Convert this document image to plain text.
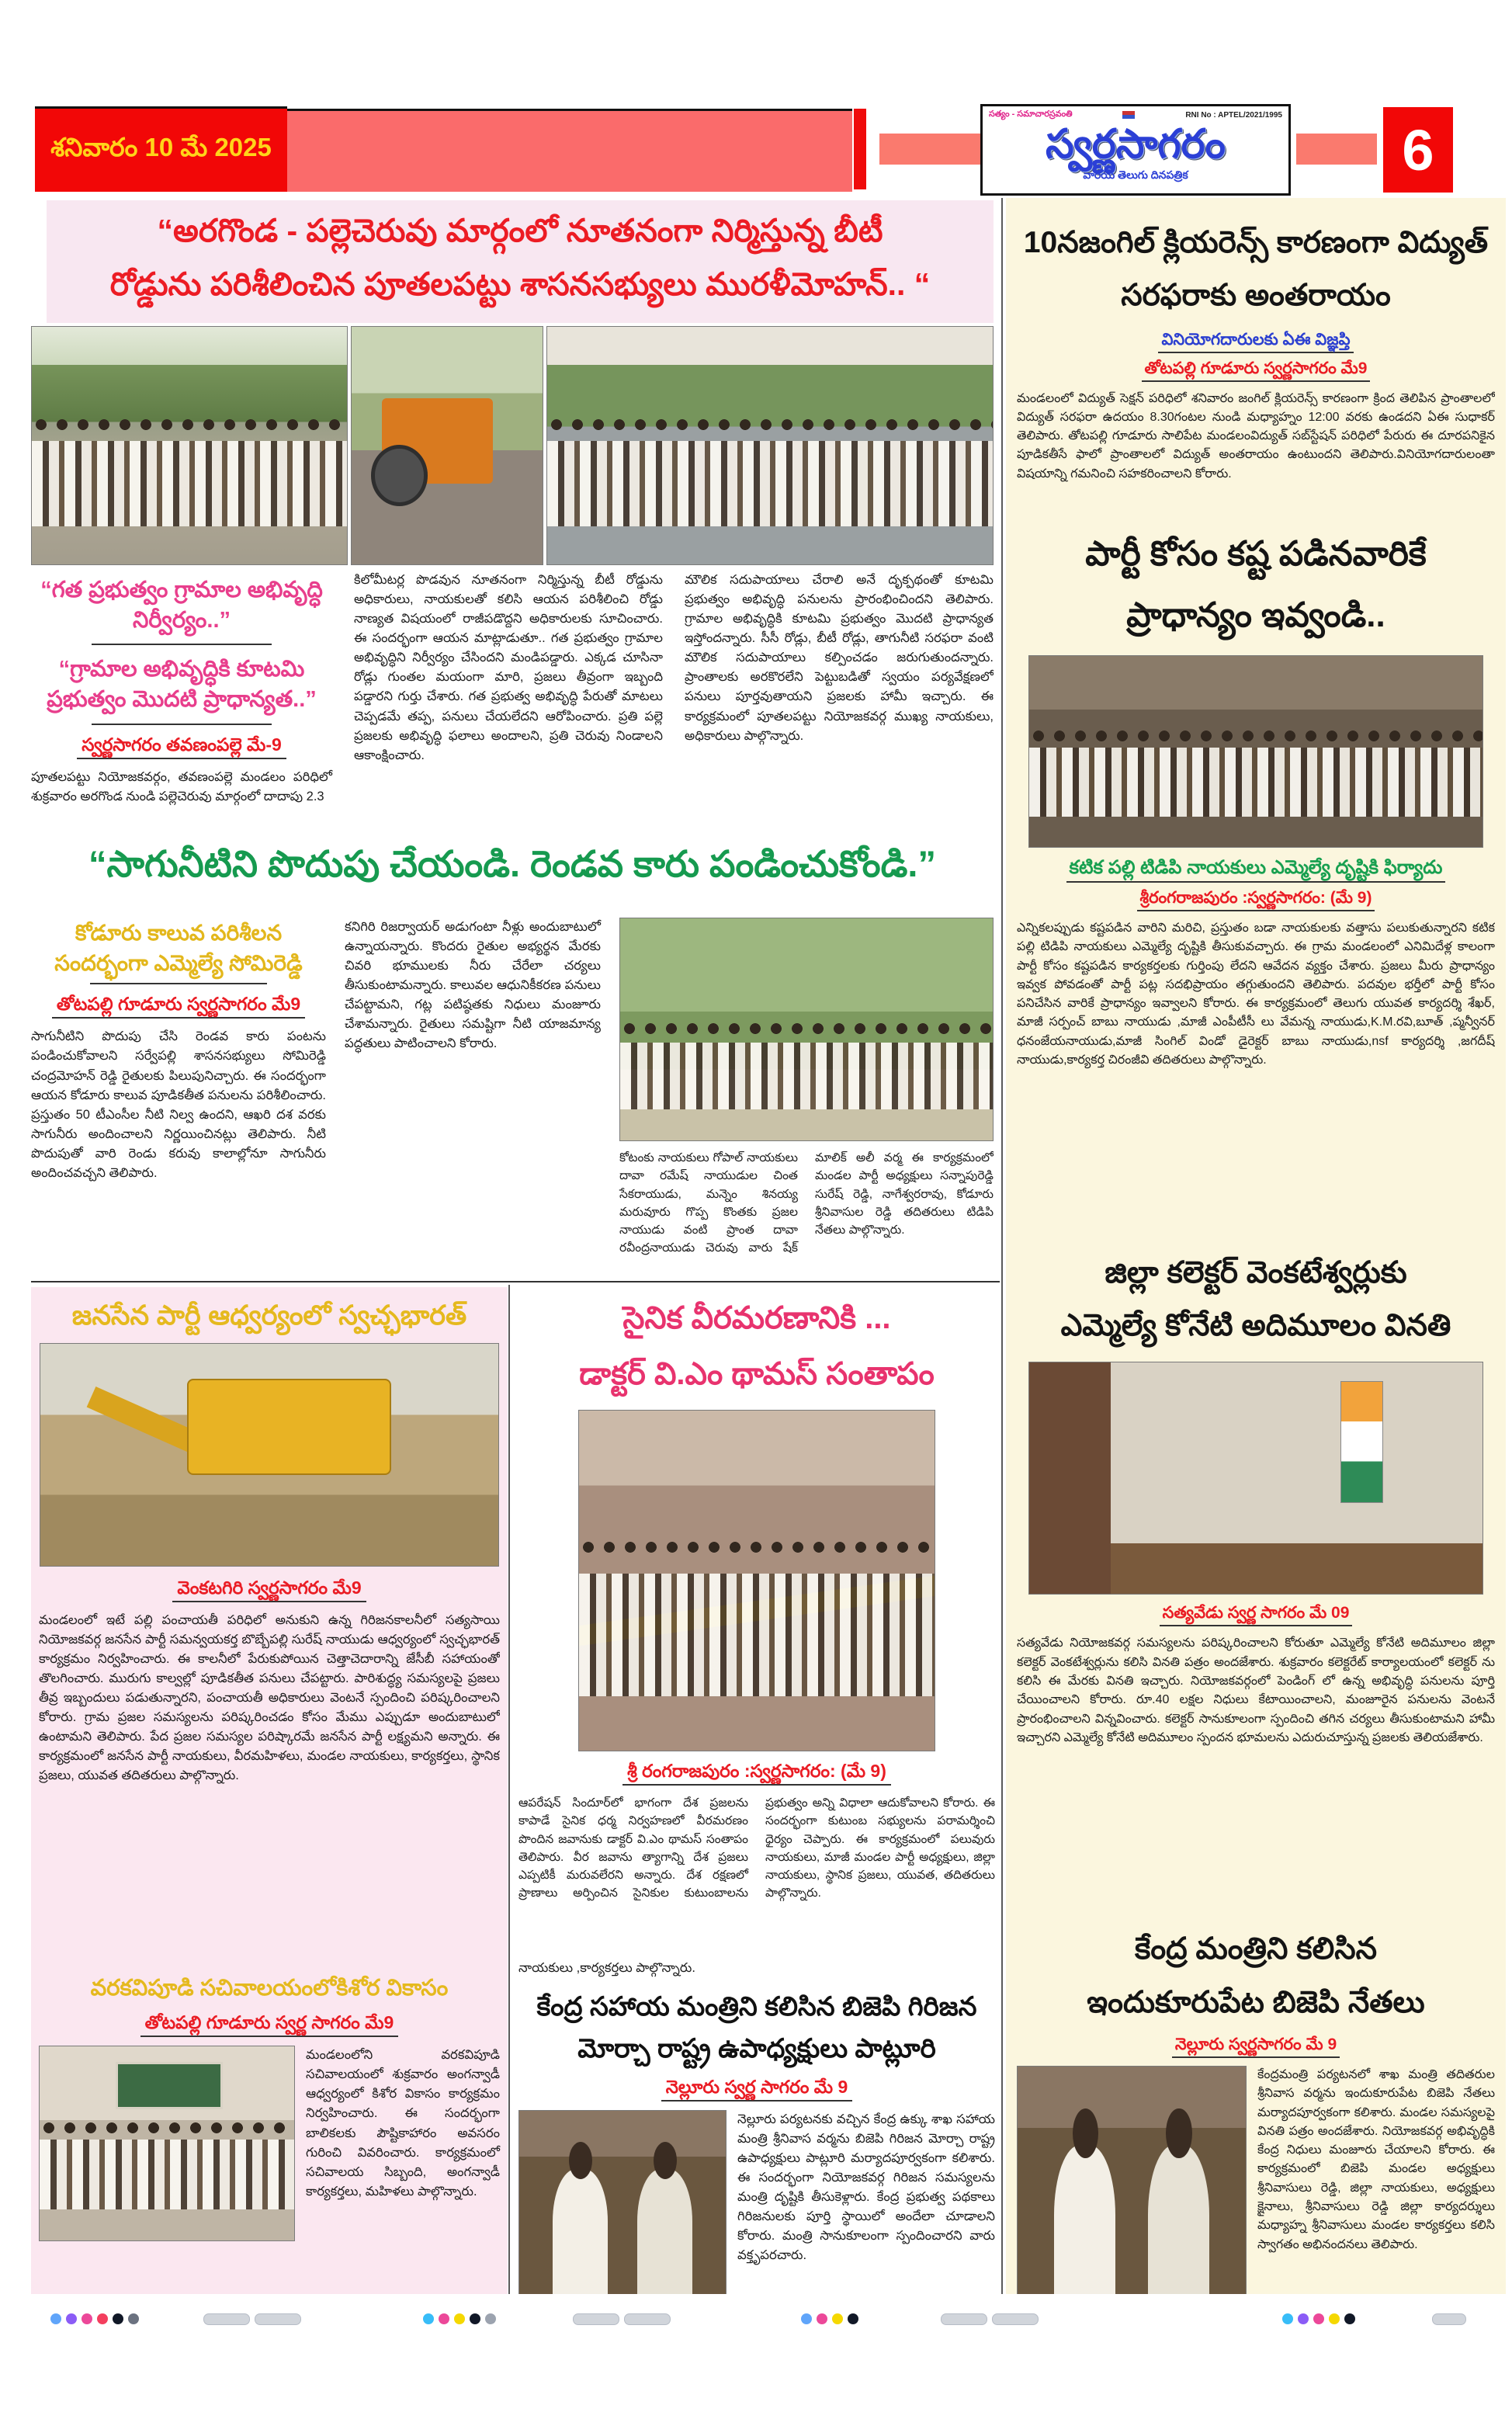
శనివారం 10 మే 2025
సత్యం - సమాచారస్రవంతి	RNI No : APTEL/2021/1995
స్వర్ణసాగరం
వారియే తెలుగు దినపత్రిక	6
“అరగొండ - పల్లెచెరువు మార్గంలో నూతనంగా నిర్మిస్తున్న బీటీ
రోడ్డును పరిశీలించిన పూతలపట్టు శాసనసభ్యులు మురళీమోహన్.. “
“గత ప్రభుత్వం గ్రామాల అభివృద్ధి నిర్వీర్యం..”
“గ్రామాల అభివృద్ధికి కూటమి ప్రభుత్వం మొదటి ప్రాధాన్యత..”
స్వర్ణసాగరం తవణంపల్లె మే-9
పూతలపట్టు నియోజకవర్గం, తవణంపల్లె మండలం పరిధిలో శుక్రవారం అరగొండ నుండి పల్లెచెరువు మార్గంలో దాదాపు 2.3
కిలోమీటర్ల పొడవున నూతనంగా నిర్మిస్తున్న బీటీ రోడ్డును అధికారులు, నాయకులతో కలిసి ఆయన పరిశీలించి రోడ్డు నాణ్యత విషయంలో రాజీపడొద్దని అధికారులకు సూచించారు. ఈ సందర్భంగా ఆయన మాట్లాడుతూ.. గత ప్రభుత్వం గ్రామాల అభివృద్ధిని నిర్వీర్యం చేసిందని మండిపడ్డారు. ఎక్కడ చూసినా రోడ్లు గుంతల మయంగా మారి, ప్రజలు తీవ్రంగా ఇబ్బంది పడ్డారని గుర్తు చేశారు. గత ప్రభుత్వ అభివృద్ధి పేరుతో మాటలు చెప్పడమే తప్ప, పనులు చేయలేదని ఆరోపించారు. ప్రతి పల్లె ప్రజలకు అభివృద్ధి ఫలాలు అందాలని, ప్రతి చెరువు నిండాలని ఆకాంక్షించారు.
మౌలిక సదుపాయాలు చేరాలి అనే దృక్పథంతో కూటమి ప్రభుత్వం అభివృద్ధి పనులను ప్రారంభించిందని తెలిపారు. గ్రామాల అభివృద్ధికి కూటమి ప్రభుత్వం మొదటి ప్రాధాన్యత ఇస్తోందన్నారు. సీసీ రోడ్లు, బీటీ రోడ్లు, తాగునీటి సరఫరా వంటి మౌలిక సదుపాయాలు కల్పించడం జరుగుతుందన్నారు. ప్రాంతాలకు అరకొరలేని పెట్టుబడితో స్వయం పర్యవేక్షణలో పనులు పూర్తవుతాయని ప్రజలకు హామీ ఇచ్చారు. ఈ కార్యక్రమంలో పూతలపట్టు నియోజకవర్గ ముఖ్య నాయకులు, అధికారులు పాల్గొన్నారు.
“సాగునీటిని పొదుపు చేయండి. రెండవ కారు పండించుకోండి.”
కోడూరు కాలువ పరిశీలన సందర్భంగా ఎమ్మెల్యే సోమిరెడ్డి
తోటపల్లి గూడూరు స్వర్ణసాగరం మే9
సాగునీటిని పొదుపు చేసి రెండవ కారు పంటను పండించుకోవాలని సర్వేపల్లి శాసనసభ్యులు సోమిరెడ్డి చంద్రమోహన్ రెడ్డి రైతులకు పిలుపునిచ్చారు. ఈ సందర్భంగా ఆయన కోడూరు కాలువ పూడికతీత పనులను పరిశీలించారు. ప్రస్తుతం 50 టీఎంసీల నీటి నిల్వ ఉందని, ఆఖరి దశ వరకు సాగునీరు అందించాలని నిర్ణయించినట్లు తెలిపారు. నీటి పొదుపుతో వారి రెండు కరువు కాలాల్లోనూ సాగునీరు అందించవచ్చని తెలిపారు.
కనిగిరి రిజర్వాయర్ అడుగంటా నీళ్లు అందుబాటులో ఉన్నాయన్నారు. కొందరు రైతుల అభ్యర్థన మేరకు చివరి భూములకు నీరు చేరేలా చర్యలు తీసుకుంటామన్నారు. కాలువల ఆధునికీకరణ పనులు చేపట్టామని, గట్ల పటిష్ఠతకు నిధులు మంజూరు చేశామన్నారు. రైతులు సమష్టిగా నీటి యాజమాన్య పద్ధతులు పాటించాలని కోరారు.
కోటంకు నాయకులు గోపాల్ నాయకులు దావా రమేష్ నాయుడుల చింత సేకరాయుడు, మన్నెం శినయ్య మరువూరు గొప్ప కొంతకు ప్రజల నాయుడు వంటి ప్రాంత దావా రవీంద్రనాయుడు చెరువు వారు షేక్ మాలిక్ అలీ వర్మ ఈ కార్యక్రమంలో మండల పార్టీ అధ్యక్షులు సన్నాపురెడ్డి సురేష్ రెడ్డి, నాగేశ్వరరావు, కోడూరు శ్రీనివాసుల రెడ్డి తదితరులు టిడిపి నేతలు పాల్గొన్నారు.
జనసేన పార్టీ ఆధ్వర్యంలో స్వచ్ఛభారత్
వెంకటగిరి స్వర్ణసాగరం మే9
మండలంలో ఇటే పల్లి పంచాయతీ పరిధిలో అనుకుని ఉన్న గిరిజనకాలనీలో సత్యసాయి నియోజకవర్గ జనసేన పార్టీ సమన్వయకర్త బొబ్బేపల్లి సురేష్ నాయుడు ఆధ్వర్యంలో స్వచ్ఛభారత్ కార్యక్రమం నిర్వహించారు. ఈ కాలనీలో పేరుకుపోయిన చెత్తాచెదారాన్ని జేసీబీ సహాయంతో తొలగించారు. మురుగు కాల్వల్లో పూడికతీత పనులు చేపట్టారు. పారిశుద్ధ్య సమస్యలపై ప్రజలు తీవ్ర ఇబ్బందులు పడుతున్నారని, పంచాయతీ అధికారులు వెంటనే స్పందించి పరిష్కరించాలని కోరారు. గ్రామ ప్రజల సమస్యలను పరిష్కరించడం కోసం మేము ఎప్పుడూ అందుబాటులో ఉంటామని తెలిపారు. పేద ప్రజల సమస్యల పరిష్కారమే జనసేన పార్టీ లక్ష్యమని అన్నారు. ఈ కార్యక్రమంలో జనసేన పార్టీ నాయకులు, వీరమహిళలు, మండల నాయకులు, కార్యకర్తలు, స్థానిక ప్రజలు, యువత తదితరులు పాల్గొన్నారు.
వరకవిపూడి సచివాలయంలోకిశోర వికాసం
తోటపల్లి గూడూరు స్వర్ణ సాగరం మే9
మండలంలోని వరకవిపూడి సచివాలయంలో శుక్రవారం అంగన్వాడీ ఆధ్వర్యంలో కిశోర వికాసం కార్యక్రమం నిర్వహించారు. ఈ సందర్భంగా బాలికలకు పౌష్టికాహారం అవసరం గురించి వివరించారు. కార్యక్రమంలో సచివాలయ సిబ్బంది, అంగన్వాడీ కార్యకర్తలు, మహిళలు పాల్గొన్నారు.
సైనిక వీరమరణానికి ...
డాక్టర్ వి.ఎం థామస్ సంతాపం
శ్రీ రంగరాజపురం :స్వర్ణసాగరం: (మే 9)
ఆపరేషన్ సిందూర్‌లో భాగంగా దేశ ప్రజలను కాపాడే సైనిక ధర్మ నిర్వహణలో వీరమరణం పొందిన జవానుకు డాక్టర్ వి.ఎం థామస్ సంతాపం తెలిపారు. వీర జవాను త్యాగాన్ని దేశ ప్రజలు ఎప్పటికీ మరువలేరని అన్నారు. దేశ రక్షణలో ప్రాణాలు అర్పించిన సైనికుల కుటుంబాలను ప్రభుత్వం అన్ని విధాలా ఆదుకోవాలని కోరారు. ఈ సందర్భంగా కుటుంబ సభ్యులను పరామర్శించి ధైర్యం చెప్పారు. ఈ కార్యక్రమంలో పలువురు నాయకులు, మాజీ మండల పార్టీ అధ్యక్షులు, జిల్లా నాయకులు, స్థానిక ప్రజలు, యువత, తదితరులు పాల్గొన్నారు.
నాయకులు ,కార్యకర్తలు పాల్గొన్నారు.
కేంద్ర సహాయ మంత్రిని కలిసిన బిజెపి గిరిజన మోర్చా రాష్ట్ర ఉపాధ్యక్షులు పాట్లూరి
నెల్లూరు స్వర్ణ సాగరం మే 9
నెల్లూరు పర్యటనకు వచ్చిన కేంద్ర ఉక్కు శాఖ సహాయ మంత్రి శ్రీనివాస వర్మను బిజెపి గిరిజన మోర్చా రాష్ట్ర ఉపాధ్యక్షులు పాట్లూరి మర్యాదపూర్వకంగా కలిశారు. ఈ సందర్భంగా నియోజకవర్గ గిరిజన సమస్యలను మంత్రి దృష్టికి తీసుకెళ్లారు. కేంద్ర ప్రభుత్వ పథకాలు గిరిజనులకు పూర్తి స్థాయిలో అందేలా చూడాలని కోరారు. మంత్రి సానుకూలంగా స్పందించారని వారు వక్తృపరచారు.
10నజంగిల్ క్లియరెన్స్ కారణంగా విద్యుత్ సరఫరాకు అంతరాయం
వినియోగదారులకు ఏఈ విజ్ఞప్తి
తోటపల్లి గూడూరు స్వర్ణసాగరం మే9
మండలంలో విద్యుత్ సెక్షన్ పరిధిలో శనివారం జంగిల్ క్లియరెన్స్ కారణంగా క్రింద తెలిపిన ప్రాంతాలలో విద్యుత్ సరఫరా ఉదయం 8.30గంటల నుండి మధ్యాహ్నం 12:00 వరకు ఉండదని ఏఈ సుధాకర్ తెలిపారు. తోటపల్లి గూడూరు సాలిపేట మండలంవిద్యుత్ సబ్‌స్టేషన్ పరిధిలో పేరురు ఈ దూరపనికైన పూడికతీసే ఫాలో ప్రాంతాలలో విద్యుత్ అంతరాయం ఉంటుందని తెలిపారు.వినియోగదారులంతా విషయాన్ని గమనించి సహకరించాలని కోరారు.
పార్టీ కోసం కష్ట పడినవారికే
ప్రాధాన్యం ఇవ్వండి..
కటిక పల్లి టిడిపి నాయకులు ఎమ్మెల్యే దృష్టికి ఫిర్యాదు
శ్రీరంగరాజపురం :స్వర్ణసాగరం: (మే 9)
ఎన్నికలప్పుడు కష్టపడిన వారిని మరిచి, ప్రస్తుతం బడా నాయకులకు వత్తాసు పలుకుతున్నారని కటిక పల్లి టిడిపి నాయకులు ఎమ్మెల్యే దృష్టికి తీసుకువచ్చారు. ఈ గ్రామ మండలంలో ఎనిమిదేళ్ల కాలంగా పార్టీ కోసం కష్టపడిన కార్యకర్తలకు గుర్తింపు లేదని ఆవేదన వ్యక్తం చేశారు. ప్రజలు మీరు ప్రాధాన్యం ఇవ్వక పోవడంతో పార్టీ పట్ల సదభిప్రాయం తగ్గుతుందని తెలిపారు. పదవుల భర్తీలో పార్టీ కోసం పనిచేసిన వారికే ప్రాధాన్యం ఇవ్వాలని కోరారు. ఈ కార్యక్రమంలో తెలుగు యువత కార్యదర్శి శేఖర్, మాజీ సర్పంచ్ బాబు నాయుడు ,మాజీ ఎంపీటీసీ లు వేమన్న నాయుడు,K.M.రవి,బూత్ ,ప్మన్వీనర్ ధనంజేయనాయుడు,మాజీ సింగిల్ విండో డైరెక్టర్ బాబు నాయుడు,nsf కార్యదర్శి ,జగదీష్ నాయుడు,కార్యకర్త చిరంజీవి తదితరులు పాల్గొన్నారు.
జిల్లా కలెక్టర్ వెంకటేశ్వర్లుకు
ఎమ్మెల్యే కోనేటి అదిమూలం వినతి
సత్యవేడు స్వర్ణ సాగరం మే 09
సత్యవేడు నియోజకవర్గ సమస్యలను పరిష్కరించాలని కోరుతూ ఎమ్మెల్యే కోనేటి అదిమూలం జిల్లా కలెక్టర్ వెంకటేశ్వర్లును కలిసి వినతి పత్రం అందజేశారు. శుక్రవారం కలెక్టరేట్ కార్యాలయంలో కలెక్టర్ ను కలిసి ఈ మేరకు వినతి ఇచ్చారు. నియోజకవర్గంలో పెండింగ్ లో ఉన్న అభివృద్ధి పనులను పూర్తి చేయించాలని కోరారు. రూ.40 లక్షల నిధులు కేటాయించాలని, మంజూరైన పనులను వెంటనే ప్రారంభించాలని విన్నవించారు. కలెక్టర్ సానుకూలంగా స్పందించి తగిన చర్యలు తీసుకుంటామని హామీ ఇచ్చారని ఎమ్మెల్యే కోనేటి అదిమూలం స్పందన భూమలను ఎదురుచూస్తున్న ప్రజలకు తెలియజేశారు.
కేంద్ర మంత్రిని కలిసిన
ఇందుకూరుపేట బిజెపి నేతలు
నెల్లూరు స్వర్ణసాగరం మే 9
కేంద్రమంత్రి పర్యటనలో శాఖ మంత్రి తదితరుల శ్రీనివాస వర్మను ఇందుకూరుపేట బిజెపి నేతలు మర్యాదపూర్వకంగా కలిశారు. మండల సమస్యలపై వినతి పత్రం అందజేశారు. నియోజకవర్గ అభివృద్ధికి కేంద్ర నిధులు మంజూరు చేయాలని కోరారు. ఈ కార్యక్రమంలో బిజెపి మండల అధ్యక్షులు శ్రీనివాసులు రెడ్డి, జిల్లా నాయకులు, అధ్యక్షులు క్షైనాలు, శ్రీనివాసులు రెడ్డి జిల్లా కార్యదర్శులు మధ్యాహ్న శ్రీనివాసులు మండల కార్యకర్తలు కలిసి స్వాగతం అభినందనలు తెలిపారు.
